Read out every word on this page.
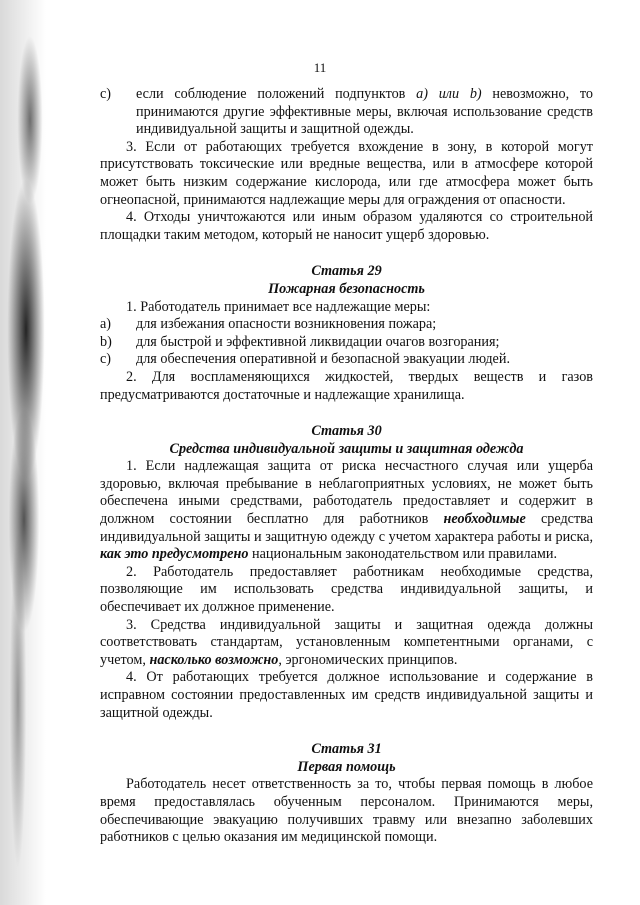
11
c)	если соблюдение положений подпунктов a) или b) невозможно, то принимаются другие эффективные меры, включая использование средств индивидуальной защиты и защитной одежды.

3. Если от работающих требуется вхождение в зону, в которой могут присутствовать токсические или вредные вещества, или в атмосфере которой может быть низким содержание кислорода, или где атмосфера может быть огнеопасной, принимаются надлежащие меры для ограждения от опасности.

4. Отходы уничтожаются или иным образом удаляются со строительной площадки таким методом, который не наносит ущерб здоровью.

Статья 29
Пожарная безопасность

1. Работодатель принимает все надлежащие меры:

a)	для избежания опасности возникновения пожара;
b)	для быстрой и эффективной ликвидации очагов возгорания;
c)	для обеспечения оперативной и безопасной эвакуации людей.

2. Для воспламеняющихся жидкостей, твердых веществ и газов предусматриваются достаточные и надлежащие хранилища.

Статья 30
Средства индивидуальной защиты и защитная одежда

1. Если надлежащая защита от риска несчастного случая или ущерба здоровью, включая пребывание в неблагоприятных условиях, не может быть обеспечена иными средствами, работодатель предоставляет и содержит в должном состоянии бесплатно для работников необходимые средства индивидуальной защиты и защитную одежду с учетом характера работы и риска, как это предусмотрено национальным законодательством или правилами.

2. Работодатель предоставляет работникам необходимые средства, позволяющие им использовать средства индивидуальной защиты, и обеспечивает их должное применение.

3. Средства индивидуальной защиты и защитная одежда должны соответствовать стандартам, установленным компетентными органами, с учетом, насколько возможно, эргономических принципов.

4. От работающих требуется должное использование и содержание в исправном состоянии предоставленных им средств индивидуальной защиты и защитной одежды.

Статья 31
Первая помощь

Работодатель несет ответственность за то, чтобы первая помощь в любое время предоставлялась обученным персоналом. Принимаются меры, обеспечивающие эвакуацию получивших травму или внезапно заболевших работников с целью оказания им медицинской помощи.
